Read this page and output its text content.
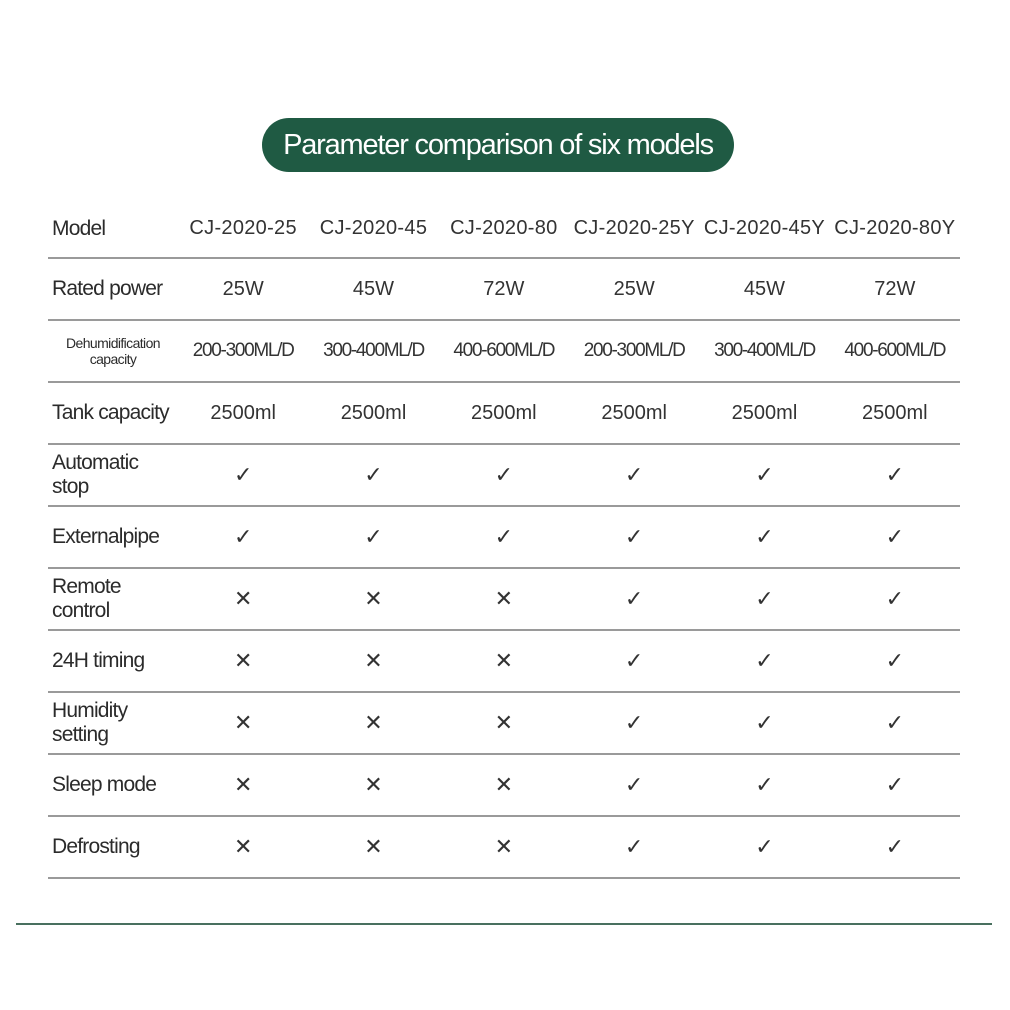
Parameter comparison of six models
Model	CJ-2020-25	CJ-2020-45	CJ-2020-80	CJ-2020-25Y	CJ-2020-45Y	CJ-2020-80Y
Rated power	25W	45W	72W	25W	45W	72W

Dehumidification
capacity	200-300ML/D	300-400ML/D	400-600ML/D	200-300ML/D	300-400ML/D	400-600ML/D
Tank capacity	2500ml	2500ml	2500ml	2500ml	2500ml	2500ml
Automatic stop	✓	✓	✓	✓	✓	✓
Externalpipe	✓	✓	✓	✓	✓	✓
Remote control	✕	✕	✕	✓	✓	✓
24H timing	✕	✕	✕	✓	✓	✓
Humidity setting	✕	✕	✕	✓	✓	✓
Sleep mode	✕	✕	✕	✓	✓	✓
Defrosting	✕	✕	✕	✓	✓	✓
